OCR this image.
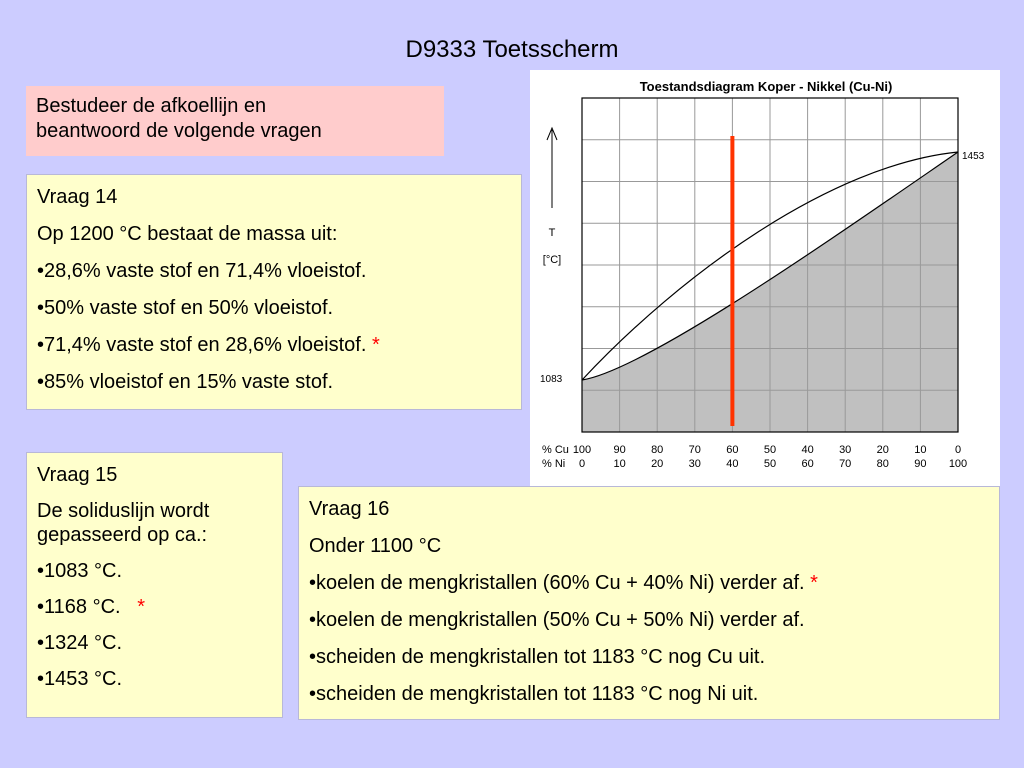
D9333 Toetsscherm
Bestudeer de afkoellijn en
beantwoord de volgende vragen

Vraag 14

Op 1200 °C bestaat de massa uit:

•28,6% vaste stof en 71,4% vloeistof.

•50% vaste stof en 50% vloeistof.

•71,4% vaste stof en 28,6% vloeistof. *

•85% vloeistof en 15% vaste stof.

Toestandsdiagram Koper - Nikkel (Cu-Ni)
T
[°C]
1083
1453
% Cu
% Ni
100 90 80 70 60 50 40 30 20 10	0
0	10 20 30 40 50 60 70 80 90 100

Vraag 15

De soliduslijn wordt

gepasseerd op ca.:

•1083 °C.

•1168 °C. *

•1324 °C.

•1453 °C.

Vraag 16

Onder 1100 °C

•koelen de mengkristallen (60% Cu + 40% Ni) verder af. *

•koelen de mengkristallen (50% Cu + 50% Ni) verder af.

•scheiden de mengkristallen tot 1183 °C nog Cu uit.

•scheiden de mengkristallen tot 1183 °C nog Ni uit.
